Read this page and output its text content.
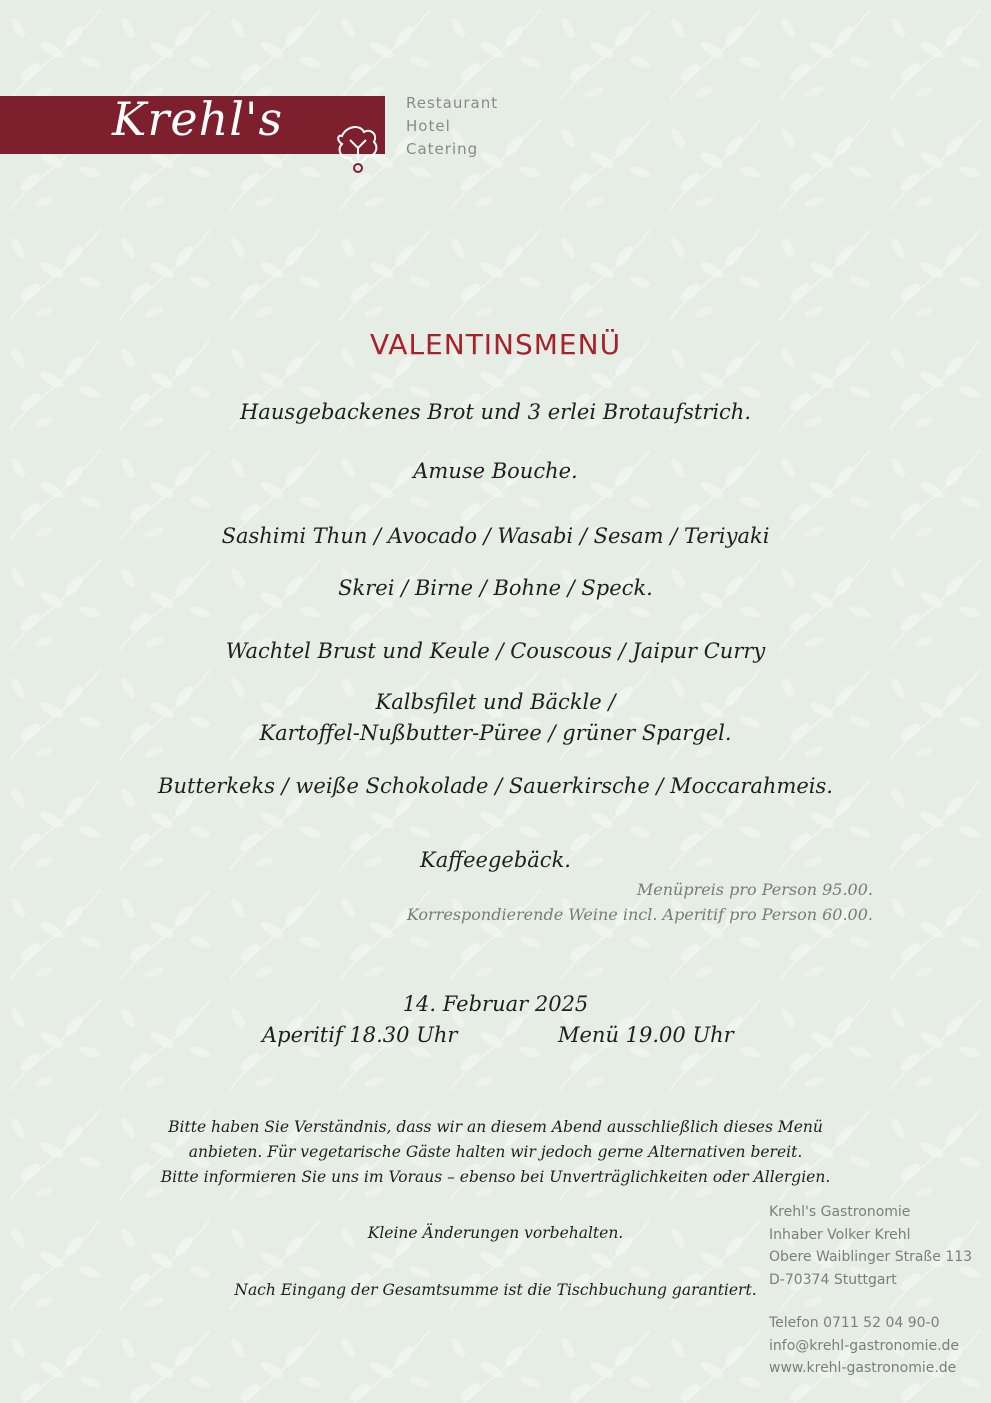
Krehl's	Restaurant
Hotel
Catering
VALENTINSMENÜ
Hausgebackenes Brot und 3 erlei Brotaufstrich.
Amuse Bouche.
Sashimi Thun / Avocado / Wasabi / Sesam / Teriyaki
Skrei / Birne / Bohne / Speck.
Wachtel Brust und Keule / Couscous / Jaipur Curry
Kalbsfilet und Bäckle /
Kartoffel-Nußbutter-Püree / grüner Spargel.
Butterkeks / weiße Schokolade / Sauerkirsche / Moccarahmeis.
Kaffeegebäck.
Menüpreis pro Person 95.00.
Korrespondierende Weine incl. Aperitif pro Person 60.00.
14. Februar 2025
Aperitif 18.30 Uhr	Menü 19.00 Uhr
Bitte haben Sie Verständnis, dass wir an diesem Abend ausschließlich dieses Menü
anbieten. Für vegetarische Gäste halten wir jedoch gerne Alternativen bereit.
Bitte informieren Sie uns im Voraus – ebenso bei Unverträglichkeiten oder Allergien.
Kleine Änderungen vorbehalten.
Nach Eingang der Gesamtsumme ist die Tischbuchung garantiert.
Krehl's Gastronomie
Inhaber Volker Krehl
Obere Waiblinger Straße 113
D-70374 Stuttgart
Telefon 0711 52 04 90-0
info@krehl-gastronomie.de
www.krehl-gastronomie.de
